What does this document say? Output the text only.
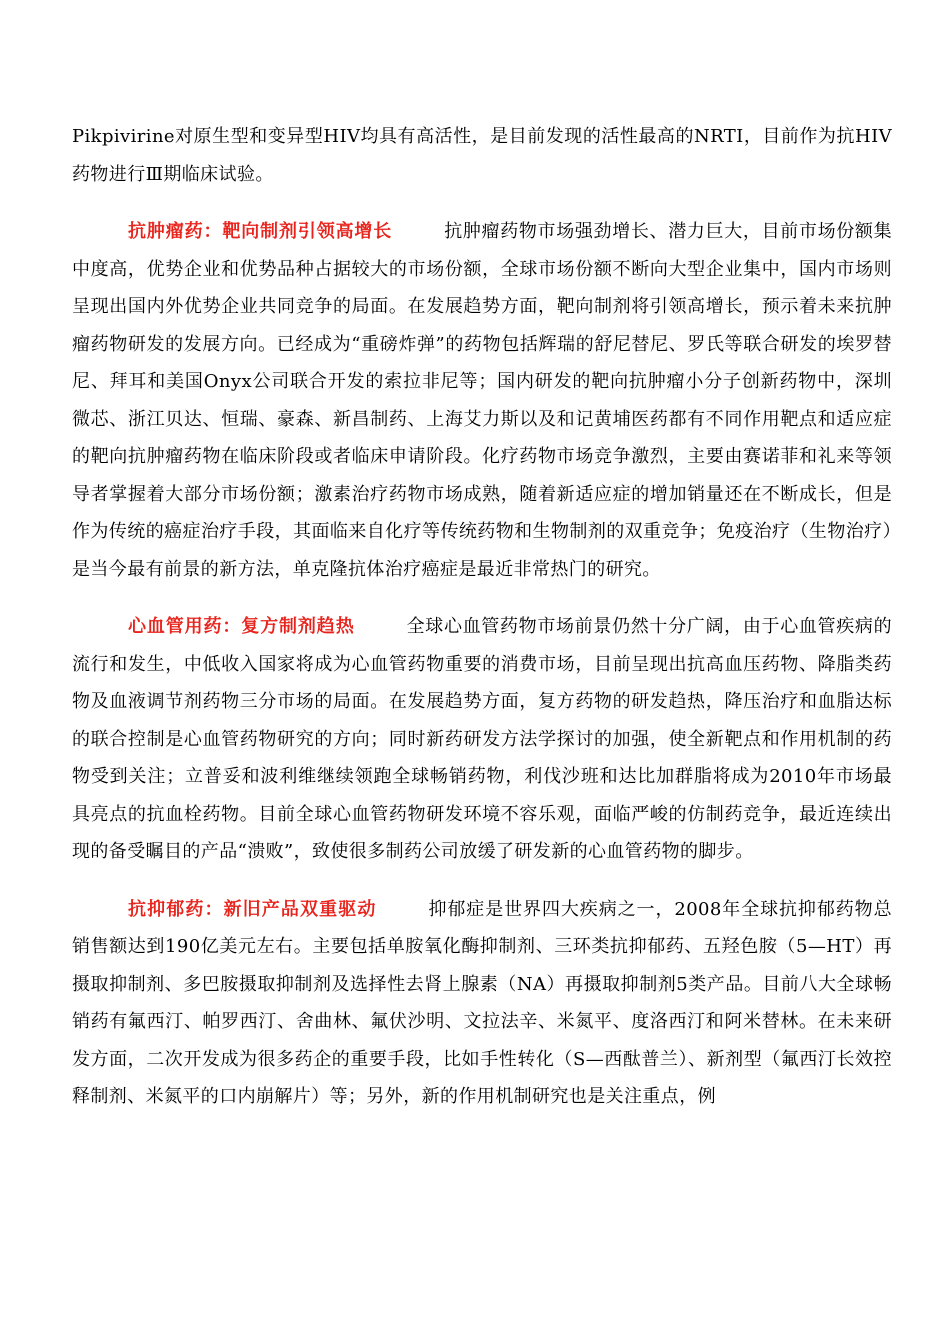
Pikpivirine对原生型和变异型HIV均具有高活性，是目前发现的活性最高的NRTI，目前作为抗HIV药物进行Ⅲ期临床试验。

抗肿瘤药：靶向制剂引领高增长	抗肿瘤药物市场强劲增长、潜力巨大，目前市场份额集中度高，优势企业和优势品种占据较大的市场份额，全球市场份额不断向大型企业集中，国内市场则呈现出国内外优势企业共同竞争的局面。在发展趋势方面，靶向制剂将引领高增长，预示着未来抗肿瘤药物研发的发展方向。已经成为“重磅炸弹”的药物包括辉瑞的舒尼替尼、罗氏等联合研发的埃罗替尼、拜耳和美国Onyx公司联合开发的索拉非尼等；国内研发的靶向抗肿瘤小分子创新药物中，深圳微芯、浙江贝达、恒瑞、豪森、新昌制药、上海艾力斯以及和记黄埔医药都有不同作用靶点和适应症的靶向抗肿瘤药物在临床阶段或者临床申请阶段。化疗药物市场竞争激烈，主要由赛诺菲和礼来等领导者掌握着大部分市场份额；激素治疗药物市场成熟，随着新适应症的增加销量还在不断成长，但是作为传统的癌症治疗手段，其面临来自化疗等传统药物和生物制剂的双重竞争；免疫治疗（生物治疗）是当今最有前景的新方法，单克隆抗体治疗癌症是最近非常热门的研究。

心血管用药：复方制剂趋热	全球心血管药物市场前景仍然十分广阔，由于心血管疾病的流行和发生，中低收入国家将成为心血管药物重要的消费市场，目前呈现出抗高血压药物、降脂类药物及血液调节剂药物三分市场的局面。在发展趋势方面，复方药物的研发趋热，降压治疗和血脂达标的联合控制是心血管药物研究的方向；同时新药研发方法学探讨的加强，使全新靶点和作用机制的药物受到关注；立普妥和波利维继续领跑全球畅销药物，利伐沙班和达比加群脂将成为2010年市场最具亮点的抗血栓药物。目前全球心血管药物研发环境不容乐观，面临严峻的仿制药竞争，最近连续出现的备受瞩目的产品“溃败”，致使很多制药公司放缓了研发新的心血管药物的脚步。

抗抑郁药：新旧产品双重驱动	抑郁症是世界四大疾病之一，2008年全球抗抑郁药物总销售额达到190亿美元左右。主要包括单胺氧化酶抑制剂、三环类抗抑郁药、五羟色胺（5—HT）再摄取抑制剂、多巴胺摄取抑制剂及选择性去肾上腺素（NA）再摄取抑制剂5类产品。目前八大全球畅销药有氟西汀、帕罗西汀、舍曲林、氟伏沙明、文拉法辛、米氮平、度洛西汀和阿米替林。在未来研发方面，二次开发成为很多药企的重要手段，比如手性转化（S—西酞普兰）、新剂型（氟西汀长效控释制剂、米氮平的口内崩解片）等；另外，新的作用机制研究也是关注重点，例
